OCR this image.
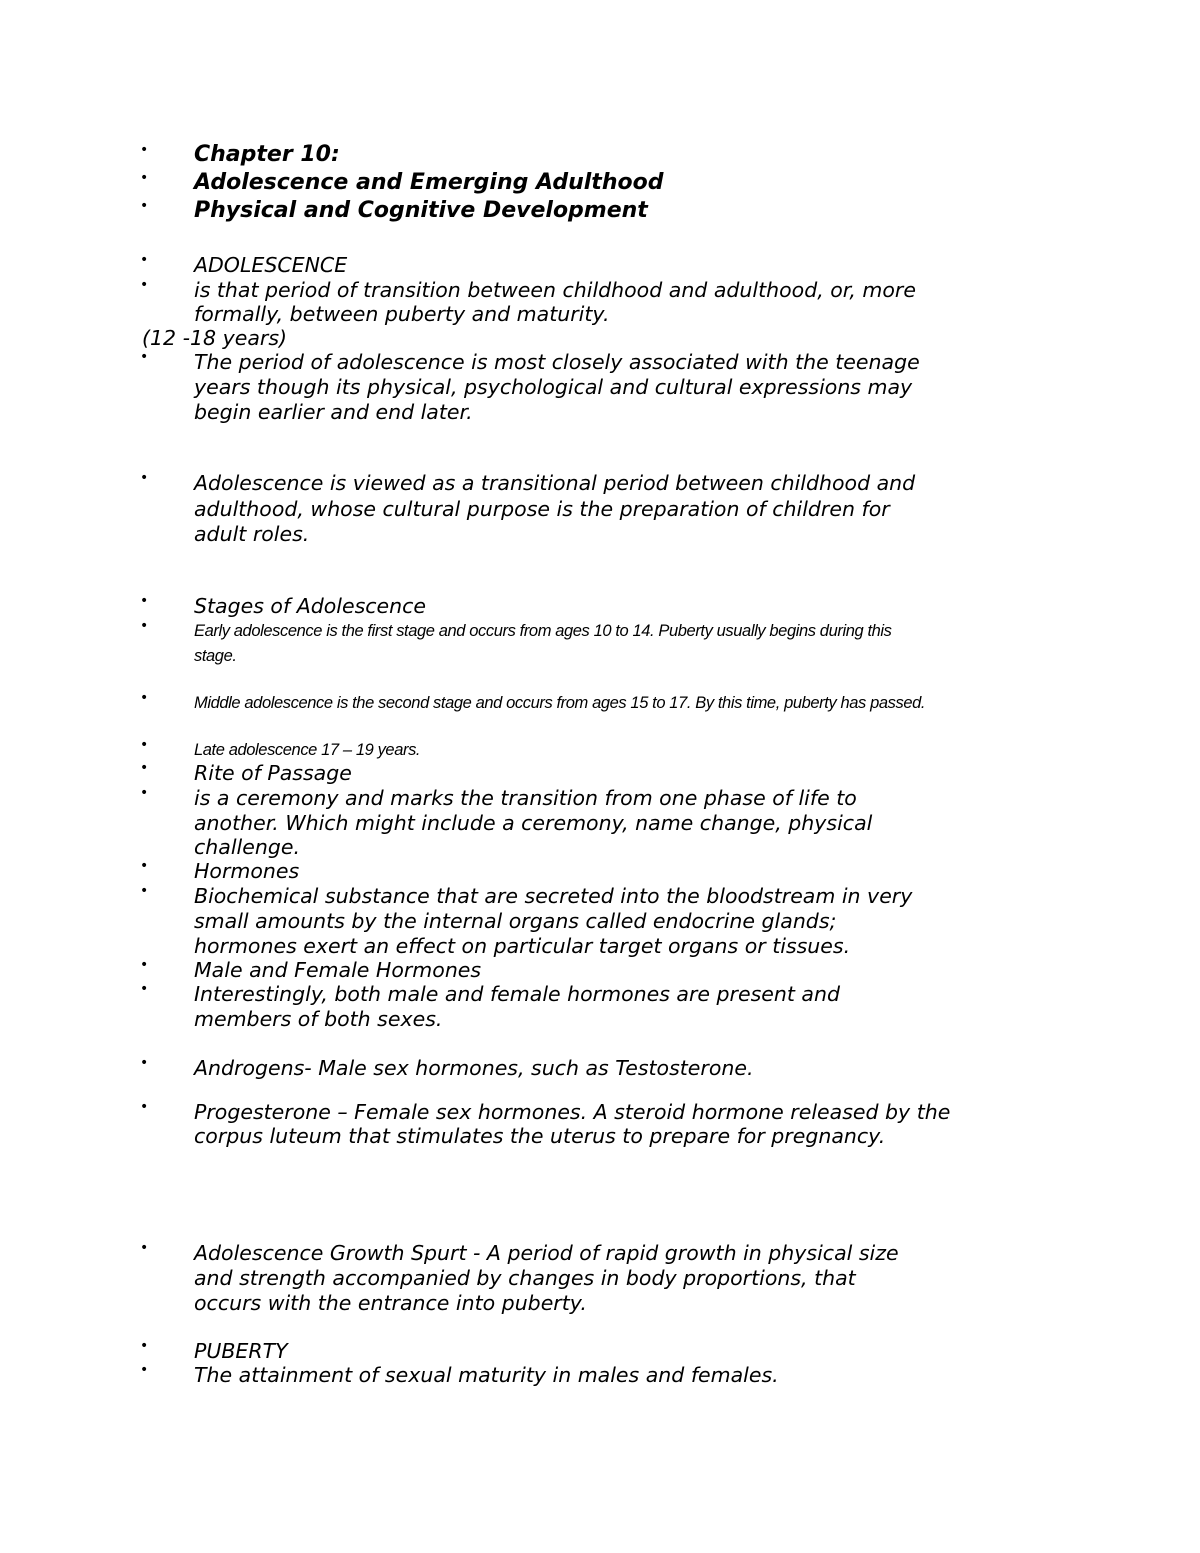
• Chapter 10:
• Adolescence and Emerging Adulthood
• Physical and Cognitive Development
• ADOLESCENCE
• is that period of transition between childhood and adulthood, or, more
formally, between puberty and maturity.
(12 -18 years)
• The period of adolescence is most closely associated with the teenage
years though its physical, psychological and cultural expressions may
begin earlier and end later.
• Adolescence is viewed as a transitional period between childhood and
adulthood, whose cultural purpose is the preparation of children for
adult roles.
• Stages of Adolescence
•	Early adolescence is the first stage and occurs from ages 10 to 14. Puberty usually begins during this
stage.
•	Middle adolescence is the second stage and occurs from ages 15 to 17. By this time, puberty has passed.
•	Late adolescence 17 – 19 years.
• Rite of Passage
• is a ceremony and marks the transition from one phase of life to
another. Which might include a ceremony, name change, physical
challenge.
• Hormones
• Biochemical substance that are secreted into the bloodstream in very
small amounts by the internal organs called endocrine glands;
hormones exert an effect on particular target organs or tissues.
• Male and Female Hormones
• Interestingly, both male and female hormones are present and
members of both sexes.
• Androgens- Male sex hormones, such as Testosterone.
• Progesterone – Female sex hormones. A steroid hormone released by the
corpus luteum that stimulates the uterus to prepare for pregnancy.
• Adolescence Growth Spurt - A period of rapid growth in physical size
and strength accompanied by changes in body proportions, that
occurs with the entrance into puberty.
• PUBERTY
• The attainment of sexual maturity in males and females.
